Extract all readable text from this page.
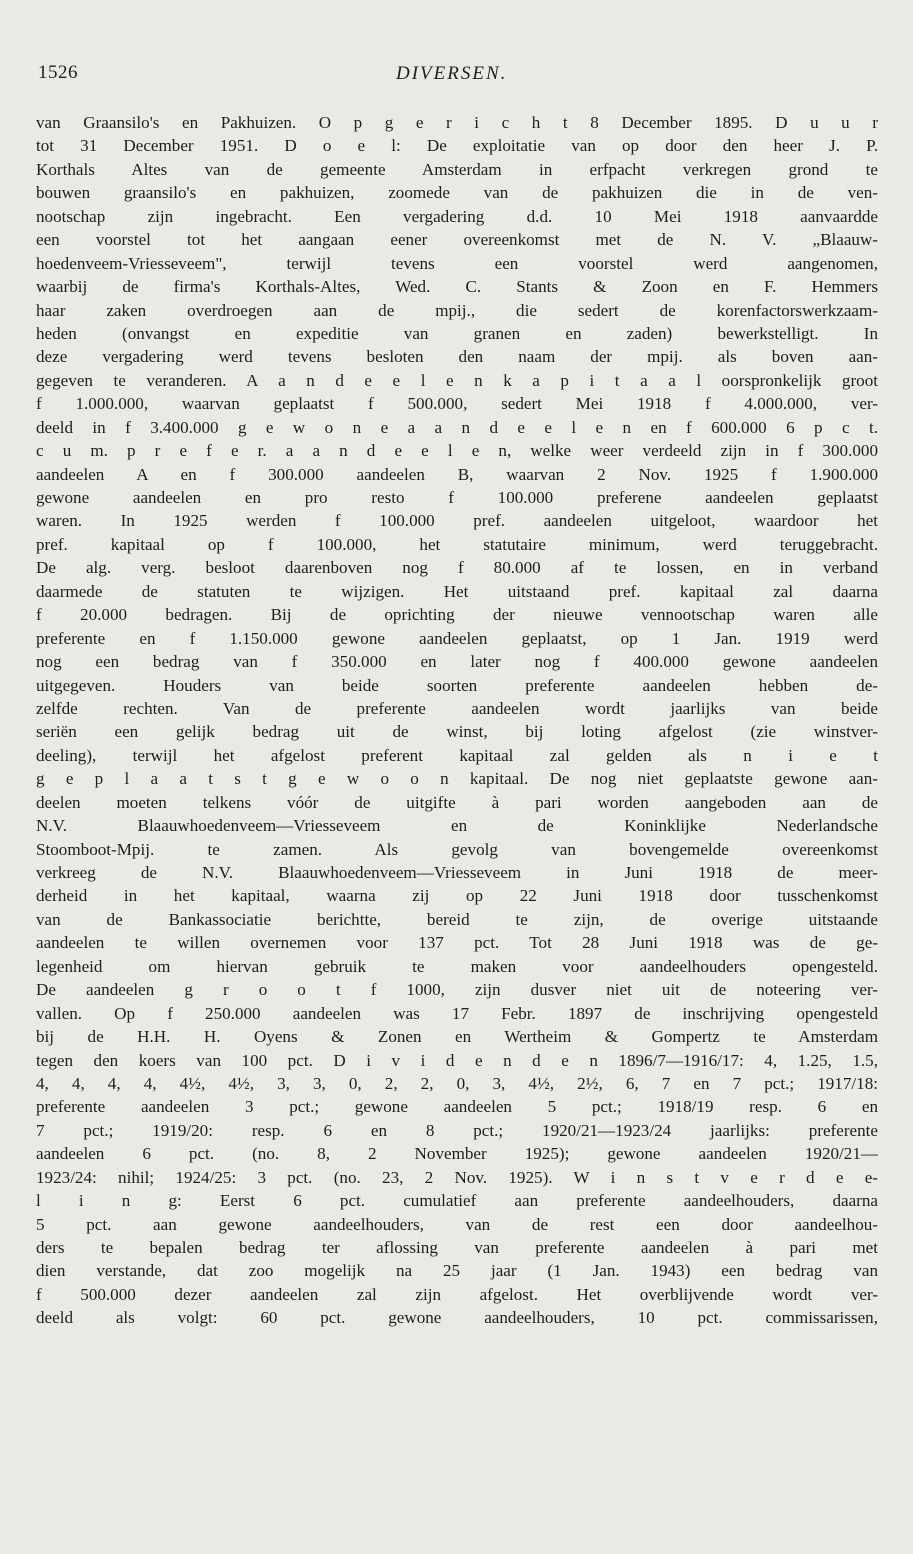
1526	DIVERSEN.
van Graansilo's en Pakhuizen. O p g e r i c h t 8 December 1895. D u u r
tot 31 December 1951. D o e l: De exploitatie van op door den heer J. P.
Korthals Altes van de gemeente Amsterdam in erfpacht verkregen grond te
bouwen graansilo's en pakhuizen, zoomede van de pakhuizen die in de ven-
nootschap zijn ingebracht. Een vergadering d.d. 10 Mei 1918 aanvaardde
een voorstel tot het aangaan eener overeenkomst met de N. V. „Blaauw-
hoedenveem-Vriesseveem", terwijl tevens een voorstel werd aangenomen,
waarbij de firma's Korthals-Altes, Wed. C. Stants & Zoon en F. Hemmers
haar zaken overdroegen aan de mpij., die sedert de korenfactorswerkzaam-
heden (onvangst en expeditie van granen en zaden) bewerkstelligt. In
deze vergadering werd tevens besloten den naam der mpij. als boven aan-
gegeven te veranderen. A a n d e e l e n k a p i t a a l oorspronkelijk groot
f 1.000.000, waarvan geplaatst f 500.000, sedert Mei 1918 f 4.000.000, ver-
deeld in f 3.400.000 g e w o n e a a n d e e l e n en f 600.000 6 p c t.
c u m. p r e f e r. a a n d e e l e n, welke weer verdeeld zijn in f 300.000
aandeelen A en f 300.000 aandeelen B, waarvan 2 Nov. 1925 f 1.900.000
gewone aandeelen en pro resto f 100.000 preferene aandeelen geplaatst
waren. In 1925 werden f 100.000 pref. aandeelen uitgeloot, waardoor het
pref. kapitaal op f 100.000, het statutaire minimum, werd teruggebracht.
De alg. verg. besloot daarenboven nog f 80.000 af te lossen, en in verband
daarmede de statuten te wijzigen. Het uitstaand pref. kapitaal zal daarna
f 20.000 bedragen. Bij de oprichting der nieuwe vennootschap waren alle
preferente en f 1.150.000 gewone aandeelen geplaatst, op 1 Jan. 1919 werd
nog een bedrag van f 350.000 en later nog f 400.000 gewone aandeelen
uitgegeven. Houders van beide soorten preferente aandeelen hebben de-
zelfde rechten. Van de preferente aandeelen wordt jaarlijks van beide
seriën een gelijk bedrag uit de winst, bij loting afgelost (zie winstver-
deeling), terwijl het afgelost preferent kapitaal zal gelden als n i e t
g e p l a a t s t g e w o o n kapitaal. De nog niet geplaatste gewone aan-
deelen moeten telkens vóór de uitgifte à pari worden aangeboden aan de
N.V. Blaauwhoedenveem—Vriesseveem en de Koninklijke Nederlandsche
Stoomboot-Mpij. te zamen. Als gevolg van bovengemelde overeenkomst
verkreeg de N.V. Blaauwhoedenveem—Vriesseveem in Juni 1918 de meer-
derheid in het kapitaal, waarna zij op 22 Juni 1918 door tusschenkomst
van de Bankassociatie berichtte, bereid te zijn, de overige uitstaande
aandeelen te willen overnemen voor 137 pct. Tot 28 Juni 1918 was de ge-
legenheid om hiervan gebruik te maken voor aandeelhouders opengesteld.
De aandeelen g r o o t f 1000, zijn dusver niet uit de noteering ver-
vallen. Op f 250.000 aandeelen was 17 Febr. 1897 de inschrijving opengesteld
bij de H.H. H. Oyens & Zonen en Wertheim & Gompertz te Amsterdam
tegen den koers van 100 pct. D i v i d e n d e n 1896/7—1916/17: 4, 1.25, 1.5,
4, 4, 4, 4, 4½, 4½, 3, 3, 0, 2, 2, 0, 3, 4½, 2½, 6, 7 en 7 pct.; 1917/18:
preferente aandeelen 3 pct.; gewone aandeelen 5 pct.; 1918/19 resp. 6 en
7 pct.; 1919/20: resp. 6 en 8 pct.; 1920/21—1923/24 jaarlijks: preferente
aandeelen 6 pct. (no. 8, 2 November 1925); gewone aandeelen 1920/21—
1923/24: nihil; 1924/25: 3 pct. (no. 23, 2 Nov. 1925). W i n s t v e r d e e-
l i n g: Eerst 6 pct. cumulatief aan preferente aandeelhouders, daarna
5 pct. aan gewone aandeelhouders, van de rest een door aandeelhou-
ders te bepalen bedrag ter aflossing van preferente aandeelen à pari met
dien verstande, dat zoo mogelijk na 25 jaar (1 Jan. 1943) een bedrag van
f 500.000 dezer aandeelen zal zijn afgelost. Het overblijvende wordt ver-
deeld als volgt: 60 pct. gewone aandeelhouders, 10 pct. commissarissen,
